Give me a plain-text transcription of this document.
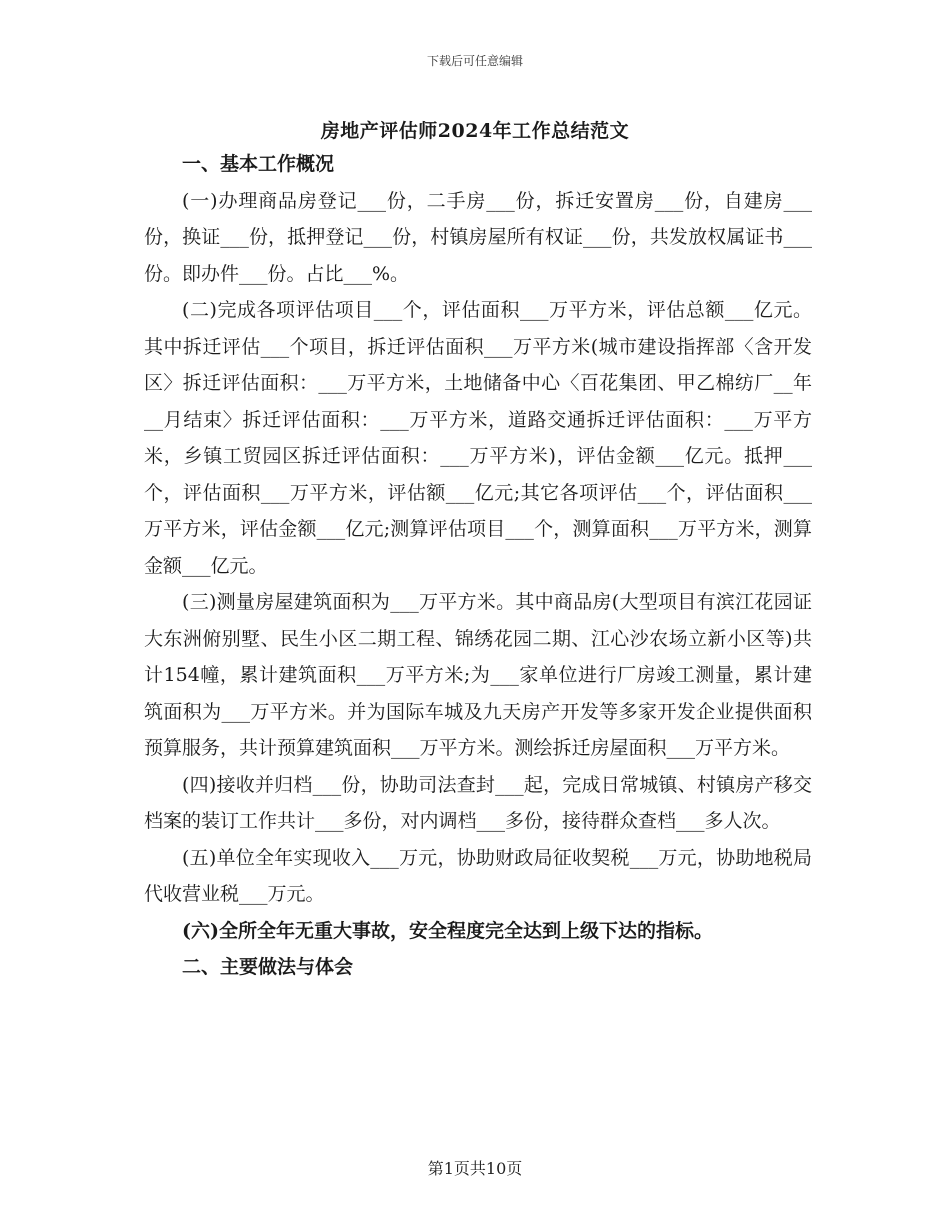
下载后可任意编辑
房地产评估师2024年工作总结范文

一、基本工作概况

(一)办理商品房登记___份，二手房___份，拆迁安置房___份，自建房___份，换证___份，抵押登记___份，村镇房屋所有权证___份，共发放权属证书___份。即办件___份。占比___%。

(二)完成各项评估项目___个，评估面积___万平方米，评估总额___亿元。其中拆迁评估___个项目，拆迁评估面积___万平方米(城市建设指挥部〈含开发区〉拆迁评估面积：___万平方米，土地储备中心〈百花集团、甲乙棉纺厂__年__月结束〉拆迁评估面积：___万平方米，道路交通拆迁评估面积：___万平方米，乡镇工贸园区拆迁评估面积：___万平方米)，评估金额___亿元。抵押___个，评估面积___万平方米，评估额___亿元;其它各项评估___个，评估面积___万平方米，评估金额___亿元;测算评估项目___个，测算面积___万平方米，测算金额___亿元。

(三)测量房屋建筑面积为___万平方米。其中商品房(大型项目有滨江花园证大东洲俯别墅、民生小区二期工程、锦绣花园二期、江心沙农场立新小区等)共计154幢，累计建筑面积___万平方米;为___家单位进行厂房竣工测量，累计建筑面积为___万平方米。并为国际车城及九天房产开发等多家开发企业提供面积预算服务，共计预算建筑面积___万平方米。测绘拆迁房屋面积___万平方米。

(四)接收并归档___份，协助司法查封___起，完成日常城镇、村镇房产移交档案的装订工作共计___多份，对内调档___多份，接待群众查档___多人次。

(五)单位全年实现收入___万元，协助财政局征收契税___万元，协助地税局代收营业税___万元。

(六)全所全年无重大事故，安全程度完全达到上级下达的指标。

二、主要做法与体会

第1页共10页
